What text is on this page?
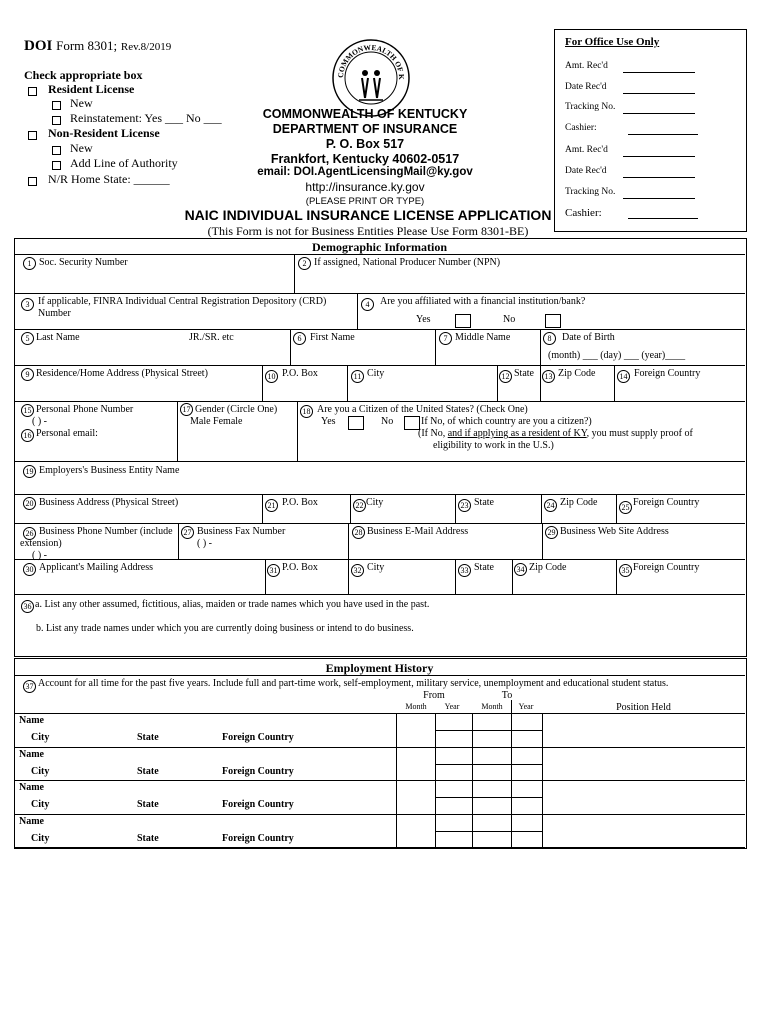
DOI Form 8301; Rev.8/2019
Check appropriate box
Resident License
New
Reinstatement: Yes ___ No ___
Non-Resident License
New
Add Line of Authority
N/R Home State: ______
COMMONWEALTH OF K
COMMONWEALTH OF KENTUCKY
DEPARTMENT OF INSURANCE
P. O. Box 517
Frankfort, Kentucky 40602-0517
email: DOI.AgentLicensingMail@ky.gov
http://insurance.ky.gov
(PLEASE PRINT OR TYPE)
NAIC INDIVIDUAL INSURANCE LICENSE APPLICATION
(This Form is not for Business Entities Please Use Form 8301-BE)
For Office Use Only
Amt. Rec'd
Date Rec'd
Tracking No.
Cashier:
Amt. Rec'd
Date Rec'd
Tracking No.
Cashier:
Demographic Information
1 Soc. Security Number	2 If assigned, National Producer Number (NPN)
3 If applicable, FINRA Individual Central Registration Depository (CRD)
Number
4	Are you affiliated with a financial institution/bank?
Yes	No
5 Last Name	JR./SR. etc	6 First Name	7 Middle Name	8	Date of Birth
(month) ___ (day) ___ (year)____
9 Residence/Home Address (Physical Street)	10 P.O. Box	11 City	12 State	13 Zip Code	14 Foreign Country
15 Personal Phone Number
( ) -
16 Personal email:
17 Gender (Circle One)
Male Female
18 Are you a Citizen of the United States? (Check One)
Yes	No	If No, of which country are you a citizen?)
(If No, and if applying as a resident of KY, you must supply proof of
eligibility to work in the U.S.)
19 Employers's Business Entity Name
20 Business Address (Physical Street)	21 P.O. Box	22 City	23 State	24 Zip Code	25 Foreign Country
26 Business Phone Number (include
extension)
( ) -
27 Business Fax Number
( ) -
28 Business E-Mail Address	29 Business Web Site Address
30 Applicant's Mailing Address	31 P.O. Box	32 City	33 State	34 Zip Code	35 Foreign Country
36 a. List any other assumed, fictitious, alias, maiden or trade names which you have used in the past.
b. List any trade names under which you are currently doing business or intend to do business.
Employment History
37 Account for all time for the past five years. Include full and part-time work, self-employment, military service, unemployment and educational student status.
From	To
Month	Year	Month	Year	Position Held
Name
City	State	Foreign Country
Name
City	State	Foreign Country
Name
City	State	Foreign Country
Name
City	State	Foreign Country
